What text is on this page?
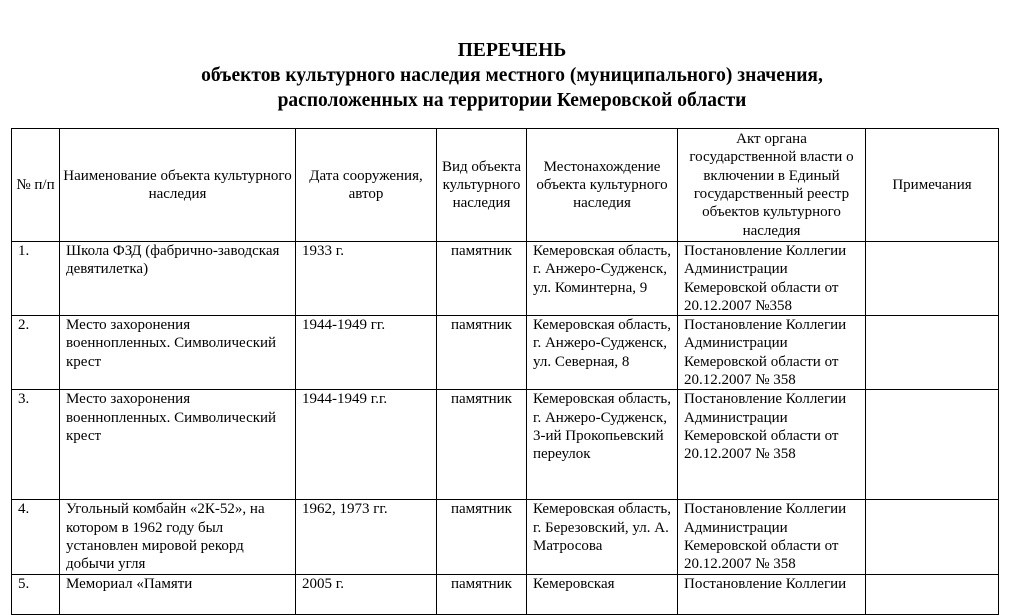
ПЕРЕЧЕНЬ
объектов культурного наследия местного (муниципального) значения,
расположенных на территории Кемеровской области
№ п/п	Наименование объекта культурного наследия	Дата сооружения, автор	Вид объекта культурного наследия	Местонахождение объекта культурного наследия	Акт органа государственной власти о включении в Единый государственный реестр объектов культурного наследия	Примечания
1.	Школа ФЗД (фабрично-заводская девятилетка)	1933 г.	памятник	Кемеровская область, г. Анжеро-Судженск, ул. Коминтерна, 9	Постановление Коллегии Администрации Кемеровской области от 20.12.2007 №358	
2.	Место захоронения военнопленных. Символический крест	1944-1949 гг.	памятник	Кемеровская область, г. Анжеро-Судженск, ул. Северная, 8	Постановление Коллегии Администрации Кемеровской области от 20.12.2007 № 358	
3.	Место захоронения военнопленных. Символический крест	1944-1949 г.г.	памятник	Кемеровская область, г. Анжеро-Судженск, 3-ий Прокопьевский переулок	Постановление Коллегии Администрации Кемеровской области от 20.12.2007 № 358	
4.	Угольный комбайн «2К-52», на котором в 1962 году был установлен мировой рекорд добычи угля	1962, 1973 гг.	памятник	Кемеровская область, г. Березовский, ул. А. Матросова	Постановление Коллегии Администрации Кемеровской области от 20.12.2007 № 358	
5.	Мемориал «Памяти	2005 г.	памятник	Кемеровская	Постановление Коллегии	
